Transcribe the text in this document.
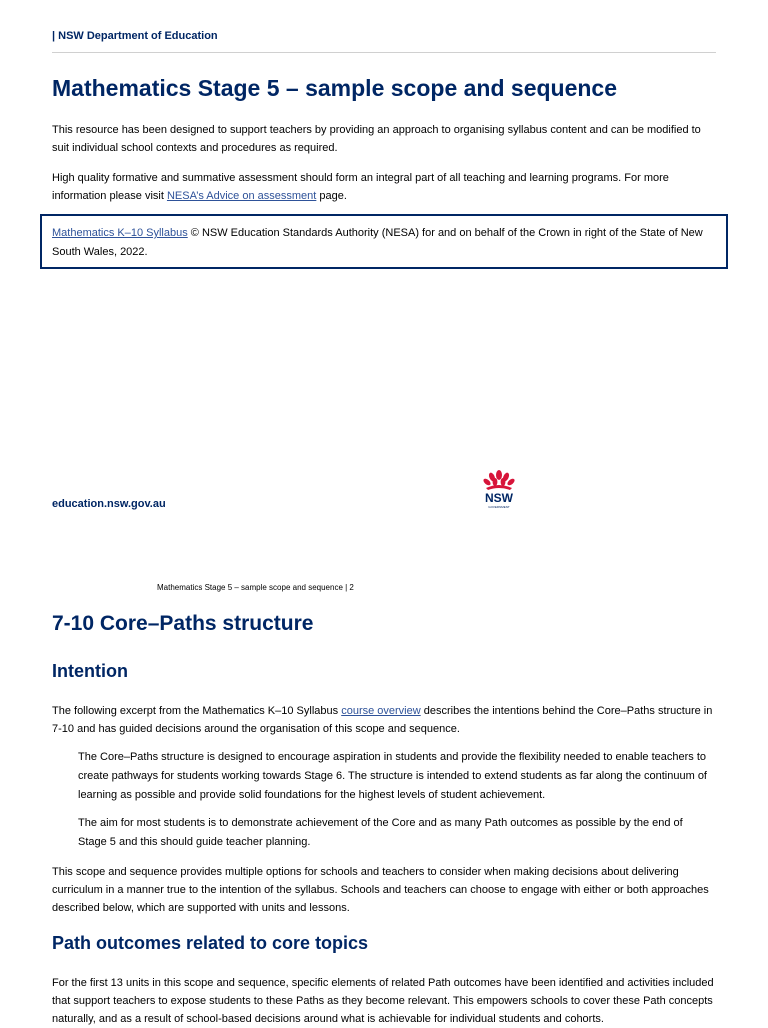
| NSW Department of Education
Mathematics Stage 5 – sample scope and sequence

This resource has been designed to support teachers by providing an approach to organising syllabus content and can be modified to suit individual school contexts and procedures as required.

High quality formative and summative assessment should form an integral part of all teaching and learning programs. For more information please visit NESA’s Advice on assessment page.

Mathematics K–10 Syllabus © NSW Education Standards Authority (NESA) for and on behalf of the Crown in right of the State of New South Wales, 2022.
education.nsw.gov.au	NSW
GOVERNMENT
Mathematics Stage 5 – sample scope and sequence | 2
7-10 Core–Paths structure
Intention

The following excerpt from the Mathematics K–10 Syllabus course overview describes the intentions behind the Core–Paths structure in 7-10 and has guided decisions around the organisation of this scope and sequence.

The Core–Paths structure is designed to encourage aspiration in students and provide the flexibility needed to enable teachers to create pathways for students working towards Stage 6. The structure is intended to extend students as far along the continuum of learning as possible and provide solid foundations for the highest levels of student achievement.

The aim for most students is to demonstrate achievement of the Core and as many Path outcomes as possible by the end of Stage 5 and this should guide teacher planning.

This scope and sequence provides multiple options for schools and teachers to consider when making decisions about delivering curriculum in a manner true to the intention of the syllabus. Schools and teachers can choose to engage with either or both approaches described below, which are supported with units and lessons.

Path outcomes related to core topics

For the first 13 units in this scope and sequence, specific elements of related Path outcomes have been identified and activities included that support teachers to expose students to these Paths as they become relevant. This empowers schools to cover these Path concepts naturally, and as a result of school-based decisions around what is achievable for individual students and cohorts.
